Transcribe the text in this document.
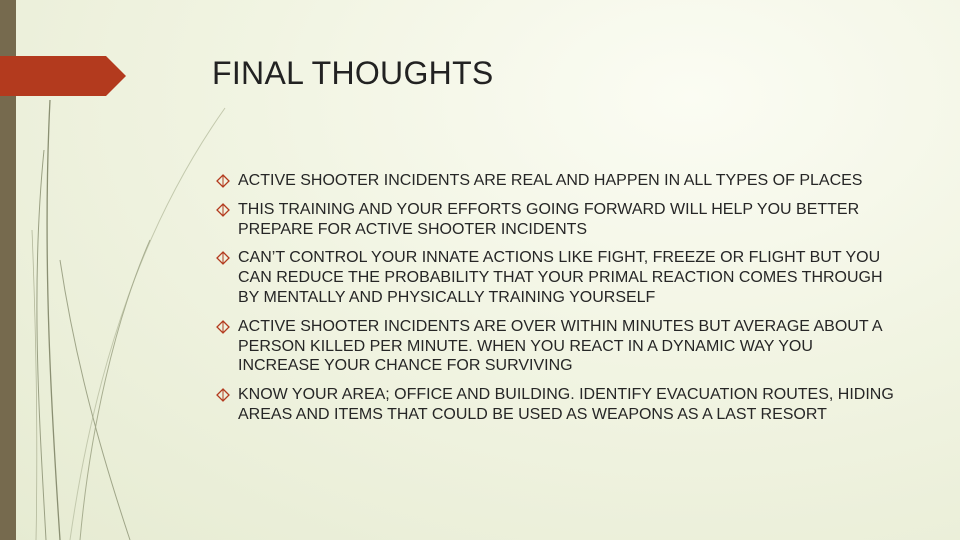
FINAL THOUGHTS
ACTIVE SHOOTER INCIDENTS ARE REAL AND HAPPEN IN ALL TYPES OF PLACES
THIS TRAINING AND YOUR EFFORTS GOING FORWARD WILL HELP YOU BETTER PREPARE FOR ACTIVE SHOOTER INCIDENTS
CAN’T CONTROL YOUR INNATE ACTIONS LIKE FIGHT, FREEZE OR FLIGHT BUT YOU CAN REDUCE THE PROBABILITY THAT YOUR PRIMAL REACTION COMES THROUGH BY MENTALLY AND PHYSICALLY TRAINING YOURSELF
ACTIVE SHOOTER INCIDENTS ARE OVER WITHIN MINUTES BUT AVERAGE ABOUT A PERSON KILLED PER MINUTE. WHEN YOU REACT IN A DYNAMIC WAY YOU INCREASE YOUR CHANCE FOR SURVIVING
KNOW YOUR AREA; OFFICE AND BUILDING. IDENTIFY EVACUATION ROUTES, HIDING AREAS AND ITEMS THAT COULD BE USED AS WEAPONS AS A LAST RESORT
